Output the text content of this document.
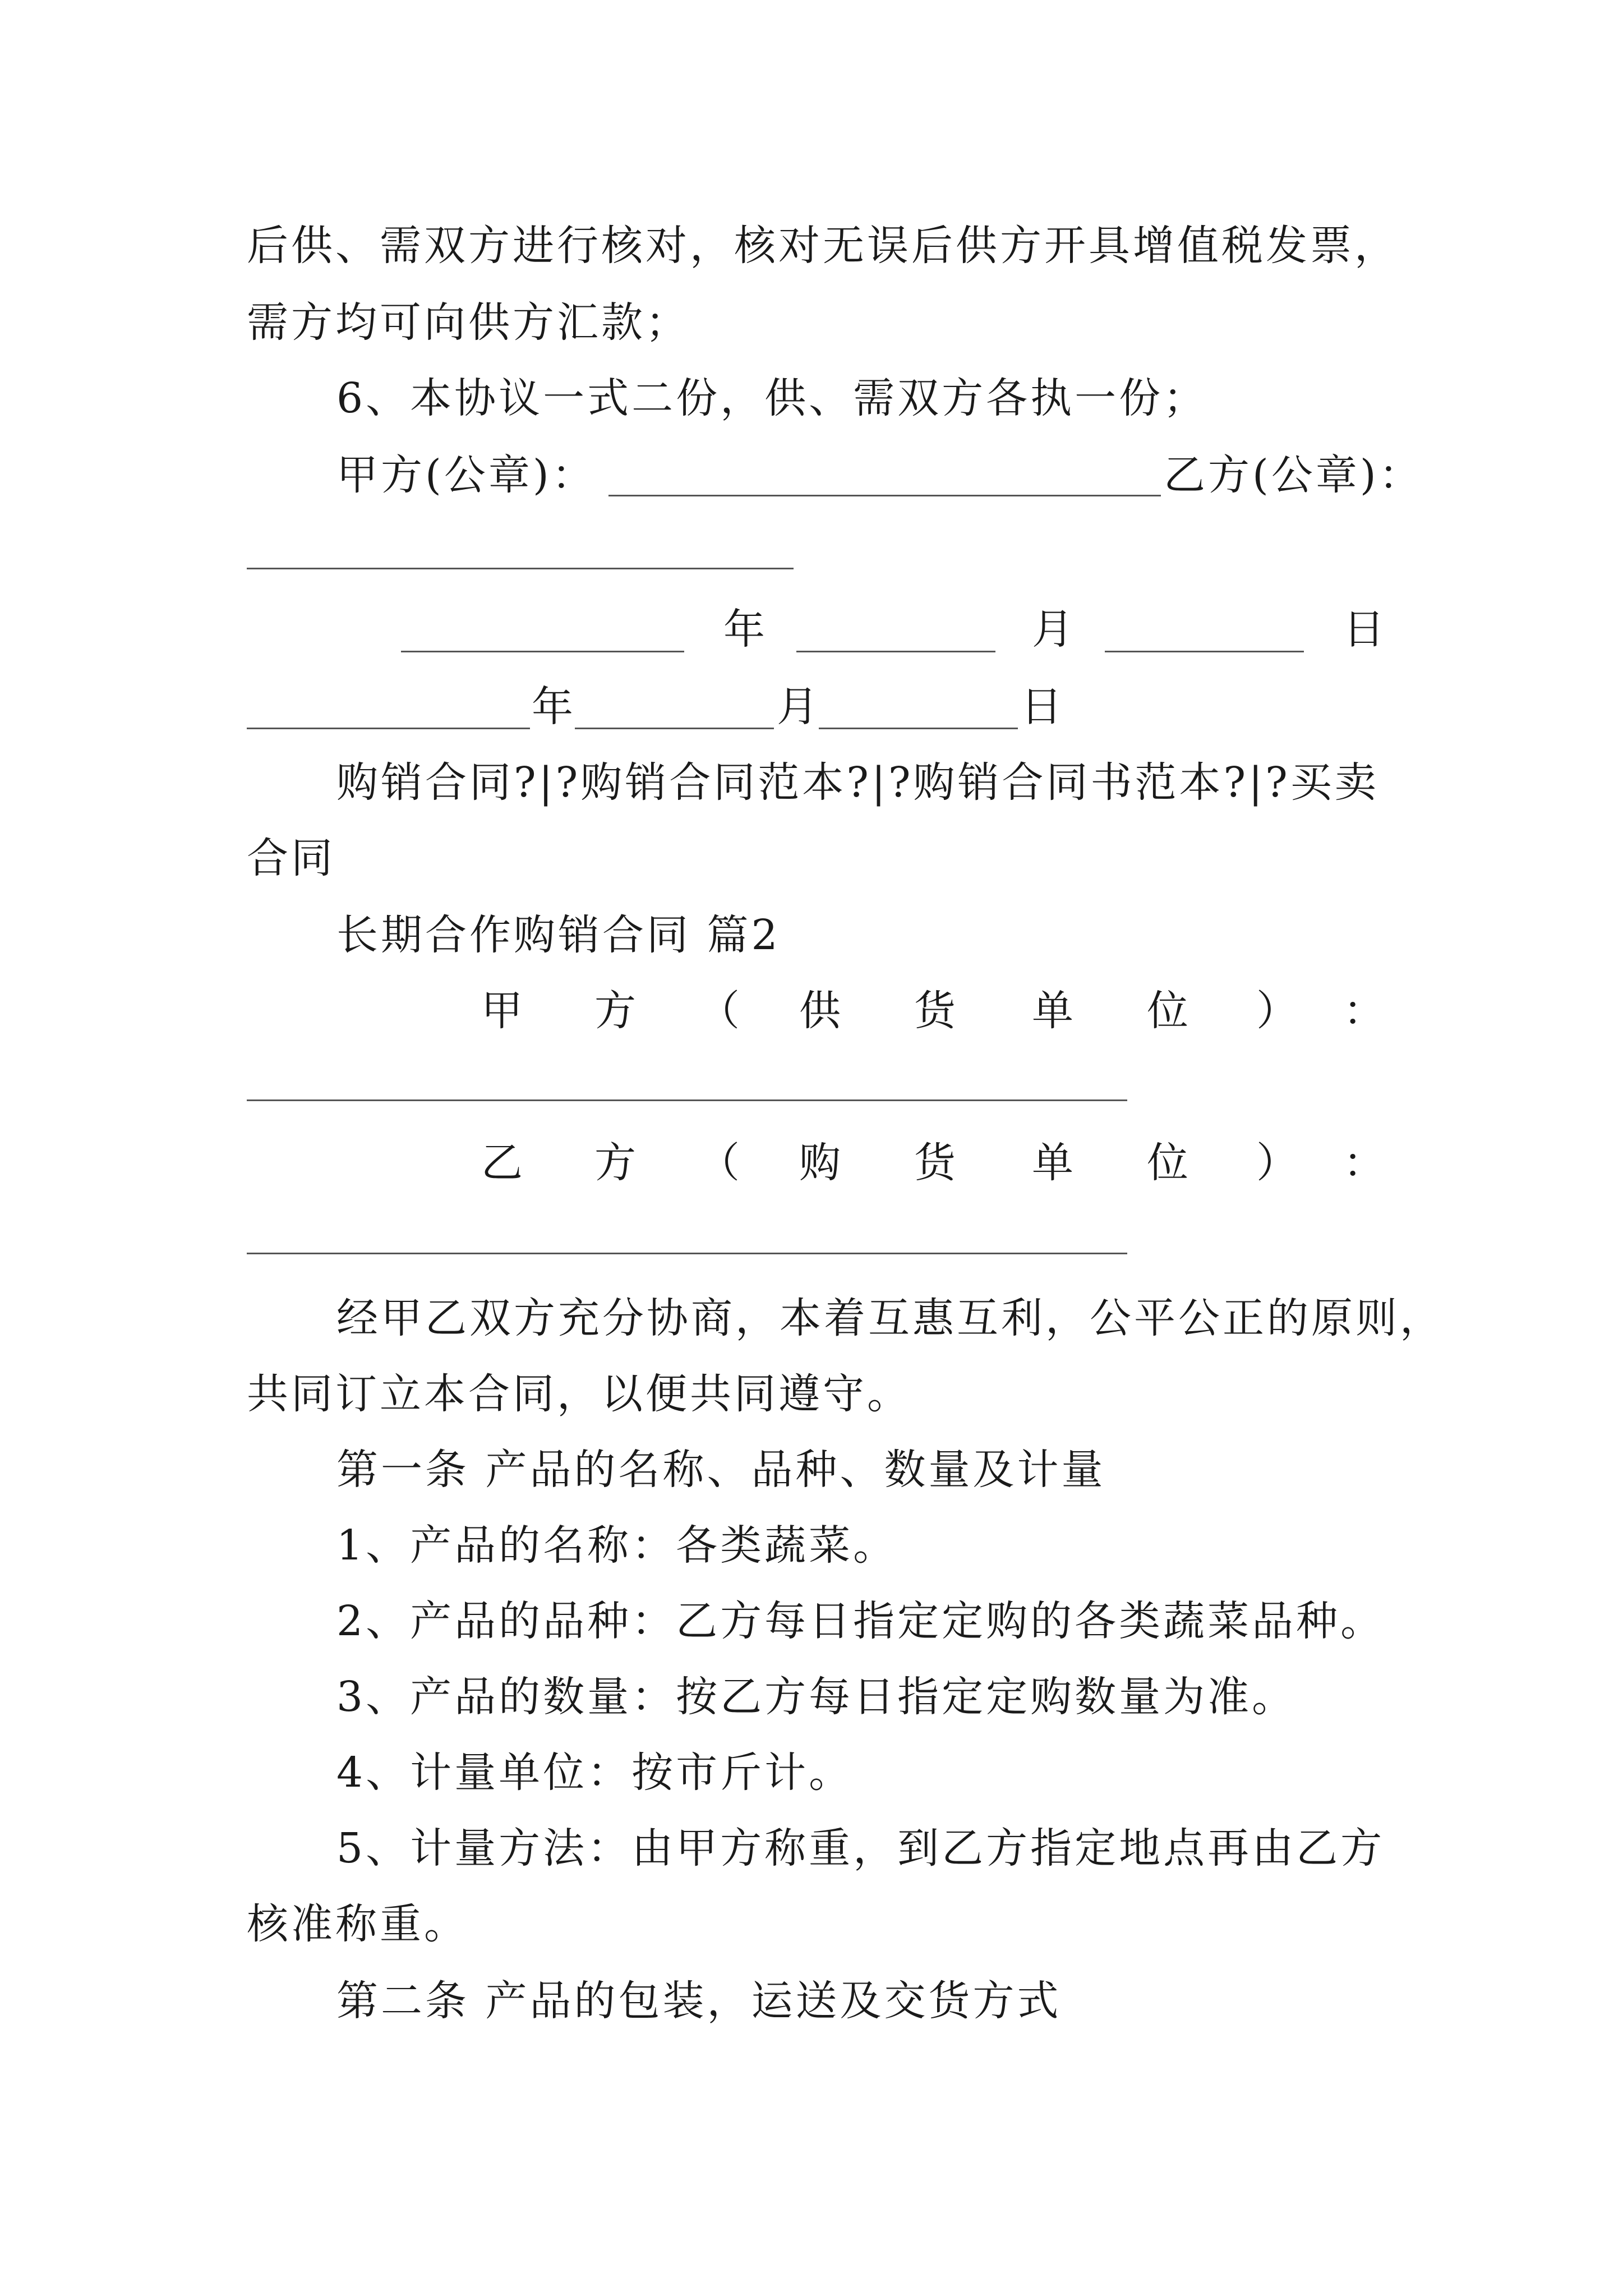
后供、需双方进行核对，核对无误后供方开具增值税发票，
需方均可向供方汇款；
6、本协议一式二份，供、需双方各执一份；
甲方(公章)：	乙方(公章)：
年	月	日
年	月	日
购销合同?|?购销合同范本?|?购销合同书范本?|?买卖
合同
长期合作购销合同 篇2
甲 方 （ 供 货 单 位 ） ：
乙 方 （ 购 货 单 位 ） ：
经甲乙双方充分协商，本着互惠互利，公平公正的原则，
共同订立本合同，以便共同遵守。
第一条 产品的名称、品种、数量及计量
1、产品的名称：各类蔬菜。
2、产品的品种：乙方每日指定定购的各类蔬菜品种。
3、产品的数量：按乙方每日指定定购数量为准。
4、计量单位：按市斤计。
5、计量方法：由甲方称重，到乙方指定地点再由乙方
核准称重。
第二条 产品的包装，运送及交货方式
